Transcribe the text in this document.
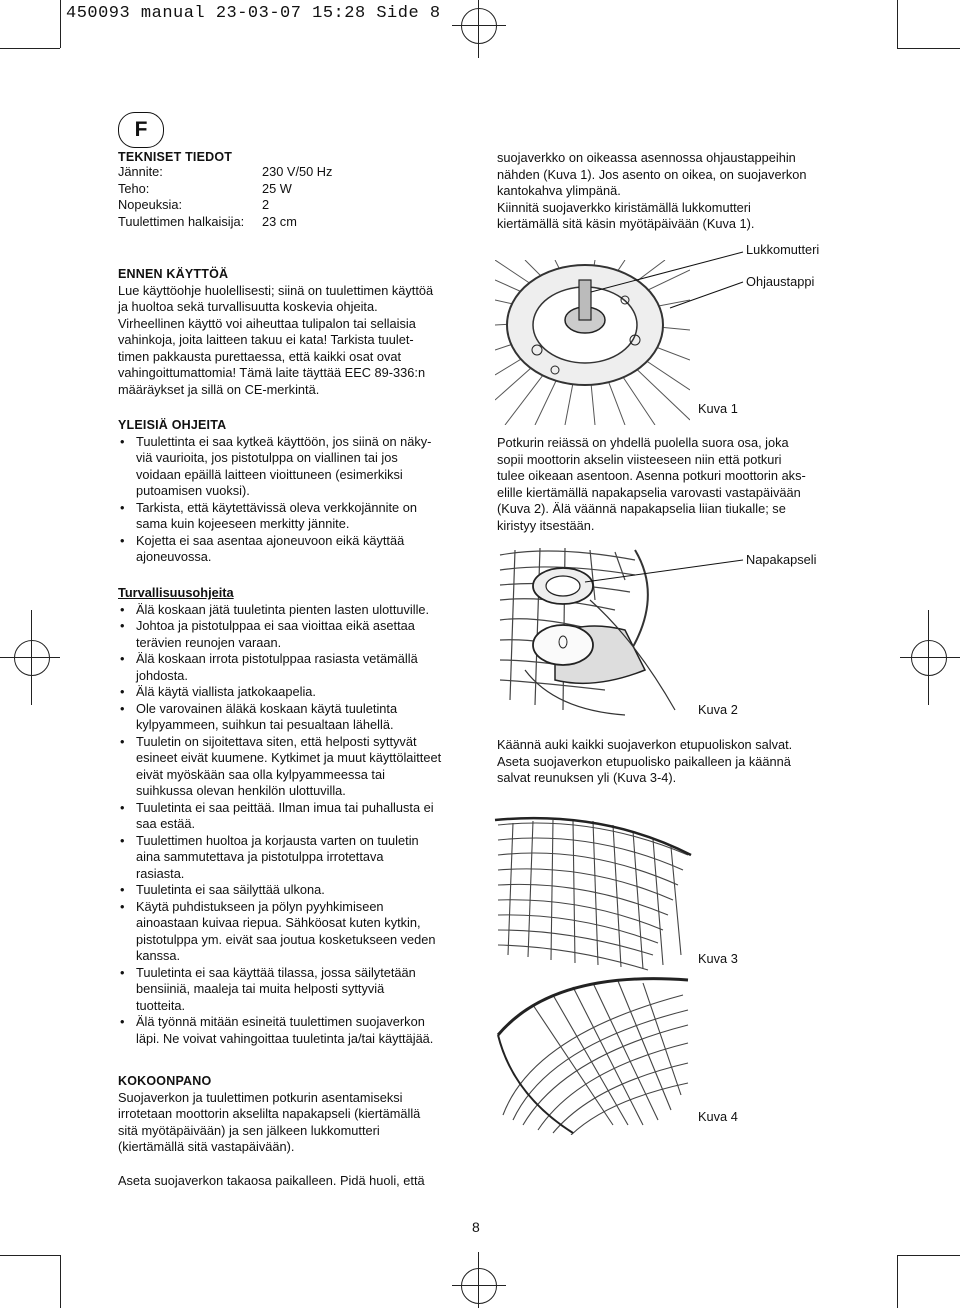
450093 manual 23-03-07 15:28 Side 8
F
TEKNISET TIEDOT
Jännite:	230 V/50 Hz
Teho:	25 W
Nopeuksia:	2
Tuulettimen halkaisija:	23 cm
ENNEN KÄYTTÖÄ
Lue käyttöohje huolellisesti; siinä on tuulettimen käyttöä
ja huoltoa sekä turvallisuutta koskevia ohjeita.
Virheellinen käyttö voi aiheuttaa tulipalon tai sellaisia
vahinkoja, joita laitteen takuu ei kata! Tarkista tuulet-
timen pakkausta purettaessa, että kaikki osat ovat
vahingoittumattomia! Tämä laite täyttää EEC 89-336:n
määräykset ja sillä on CE-merkintä.
YLEISIÄ OHJEITA
• Tuulettinta ei saa kytkeä käyttöön, jos siinä on näky-
viä vaurioita, jos pistotulppa on viallinen tai jos
voidaan epäillä laitteen vioittuneen (esimerkiksi
putoamisen vuoksi).
• Tarkista, että käytettävissä oleva verkkojännite on
sama kuin kojeeseen merkitty jännite.
• Kojetta ei saa asentaa ajoneuvoon eikä käyttää
ajoneuvossa.
Turvallisuusohjeita
• Älä koskaan jätä tuuletinta pienten lasten ulottuville.
• Johtoa ja pistotulppaa ei saa vioittaa eikä asettaa
terävien reunojen varaan.
• Älä koskaan irrota pistotulppaa rasiasta vetämällä
johdosta.
• Älä käytä viallista jatkokaapelia.
• Ole varovainen äläkä koskaan käytä tuuletinta
kylpyammeen, suihkun tai pesualtaan lähellä.
• Tuuletin on sijoitettava siten, että helposti syttyvät
esineet eivät kuumene. Kytkimet ja muut käyttölaitteet
eivät myöskään saa olla kylpyammeessa tai
suihkussa olevan henkilön ulottuvilla.
• Tuuletinta ei saa peittää. Ilman imua tai puhallusta ei
saa estää.
• Tuulettimen huoltoa ja korjausta varten on tuuletin
aina sammutettava ja pistotulppa irrotettava
rasiasta.
• Tuuletinta ei saa säilyttää ulkona.
• Käytä puhdistukseen ja pölyn pyyhkimiseen
ainoastaan kuivaa riepua. Sähköosat kuten kytkin,
pistotulppa ym. eivät saa joutua kosketukseen veden
kanssa.
• Tuuletinta ei saa käyttää tilassa, jossa säilytetään
bensiiniä, maaleja tai muita helposti syttyviä
tuotteita.
• Älä työnnä mitään esineitä tuulettimen suojaverkon
läpi. Ne voivat vahingoittaa tuuletinta ja/tai käyttäjää.
KOKOONPANO
Suojaverkon ja tuulettimen potkurin asentamiseksi
irrotetaan moottorin akselilta napakapseli (kiertämällä
sitä myötäpäivään) ja sen jälkeen lukkomutteri
(kiertämällä sitä vastapäivään).
Aseta suojaverkon takaosa paikalleen. Pidä huoli, että
suojaverkko on oikeassa asennossa ohjaustappeihin
nähden (Kuva 1). Jos asento on oikea, on suojaverkon
kantokahva ylimpänä.
Kiinnitä suojaverkko kiristämällä lukkomutteri
kiertämällä sitä käsin myötäpäivään (Kuva 1).
Lukkomutteri
Ohjaustappi
Kuva 1
Potkurin reiässä on yhdellä puolella suora osa, joka
sopii moottorin akselin viisteeseen niin että potkuri
tulee oikeaan asentoon. Asenna potkuri moottorin aks-
elille kiertämällä napakapselia varovasti vastapäivään
(Kuva 2). Älä väännä napakapselia liian tiukalle; se
kiristyy itsestään.
Napakapseli
Kuva 2
Käännä auki kaikki suojaverkon etupuoliskon salvat.
Aseta suojaverkon etupuolisko paikalleen ja käännä
salvat reunuksen yli (Kuva 3-4).
Kuva 3
Kuva 4
8
